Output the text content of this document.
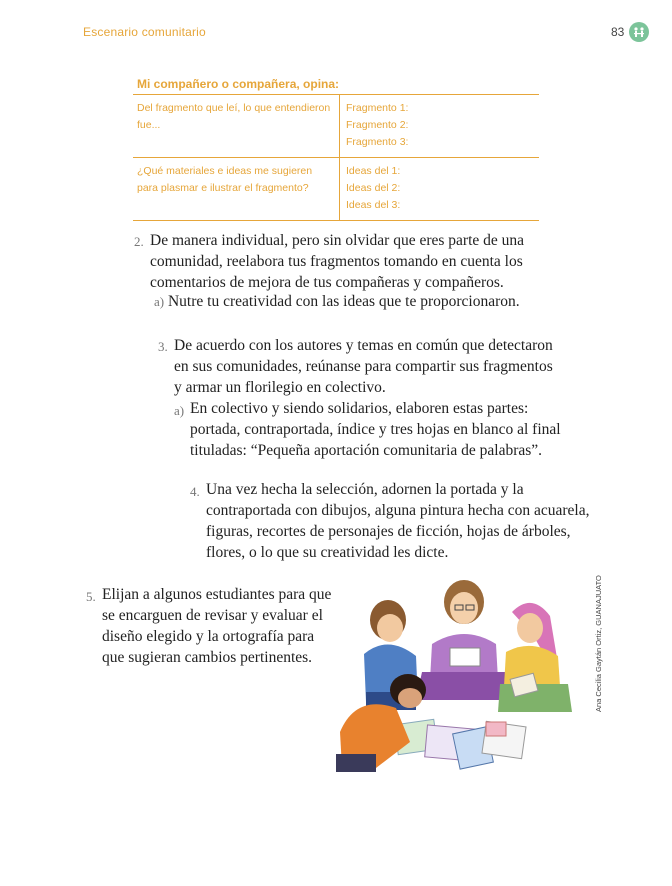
Escenario comunitario	83
Mi compañero o compañera, opina:
Del fragmento que leí, lo que entendieron fue...
Fragmento 1:
Fragmento 2:
Fragmento 3:
¿Qué materiales e ideas me sugieren para plasmar e ilustrar el fragmento?
Ideas del 1:
Ideas del 2:
Ideas del 3:
2. De manera individual, pero sin olvidar que eres parte de una
comunidad, reelabora tus fragmentos tomando en cuenta los
comentarios de mejora de tus compañeras y compañeros.
a) Nutre tu creatividad con las ideas que te proporcionaron.
3. De acuerdo con los autores y temas en común que detectaron
en sus comunidades, reúnanse para compartir sus fragmentos
y armar un florilegio en colectivo.
a) En colectivo y siendo solidarios, elaboren estas partes:
portada, contraportada, índice y tres hojas en blanco al final
tituladas: “Pequeña aportación comunitaria de palabras”.
4. Una vez hecha la selección, adornen la portada y la
contraportada con dibujos, alguna pintura hecha con acuarela,
figuras, recortes de personajes de ficción, hojas de árboles,
flores, o lo que su creatividad les dicte.
5. Elijan a algunos estudiantes para que
se encarguen de revisar y evaluar el
diseño elegido y la ortografía para
que sugieran cambios pertinentes.	Ana Cecilia Gaytán Ortiz, GUANAJUATO
